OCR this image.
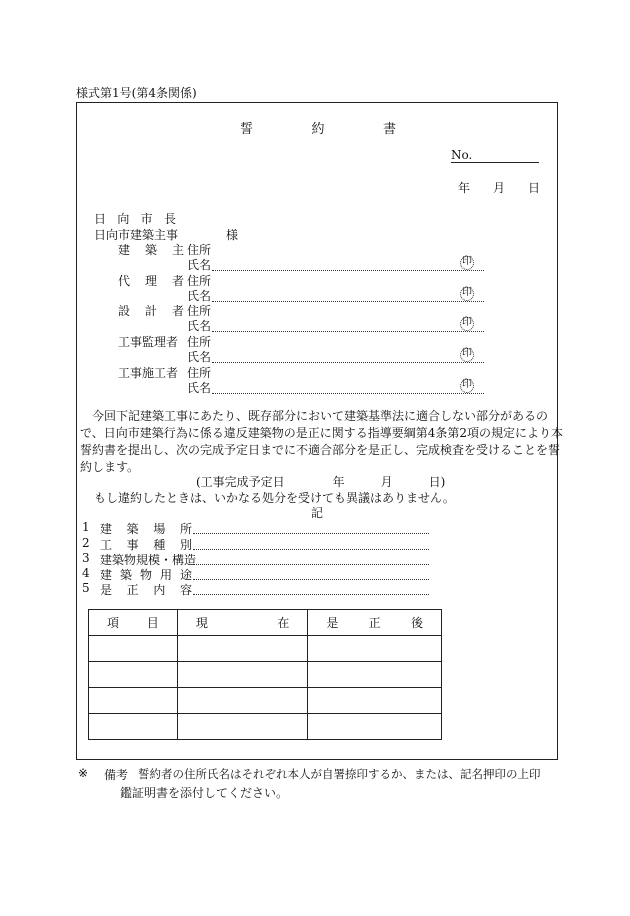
様式第1号(第4条関係)
誓	約	書
No.
年 月 日
日 向 市 長
日向市建築主事	様
建 築 主 住所
氏名	印
代 理 者 住所
氏名	印
設 計 者 住所
氏名	印
工事監理者 住所
氏名	印
工事施工者 住所
氏名	印
　今回下記建築工事にあたり、既存部分において建築基準法に適合しない部分があるの
で、日向市建築行為に係る違反建築物の是正に関する指導要綱第4条第2項の規定により本
誓約書を提出し、次の完成予定日までに不適合部分を是正し、完成検査を受けることを誓
約します。
(工事完成予定日　　　　年　　　月　　　日)
もし違約したときは、いかなる処分を受けても異議はありません。
記
1 建 築 場 所
2 工 事 種 別
3 建築物規模・構造
4 建 築 物 用 途
5 是 正 内 容
項 目	現 在	是 正 後

※ 備考 誓約者の住所氏名はそれぞれ本人が自署捺印するか、または、記名押印の上印
鑑証明書を添付してください。
